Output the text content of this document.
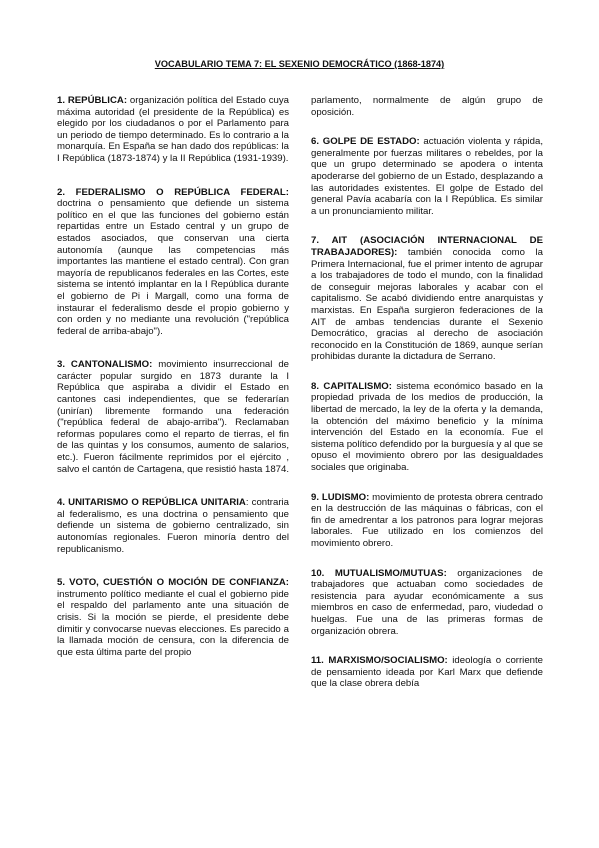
VOCABULARIO TEMA 7: EL SEXENIO DEMOCRÁTICO (1868-1874)

1. REPÚBLICA: organización política del Estado cuya máxima autoridad (el presidente de la República) es elegido por los ciudadanos o por el Parlamento para un periodo de tiempo determinado. Es lo contrario a la monarquía. En España se han dado dos repúblicas: la I República (1873-1874) y la II República (1931-1939).

2. FEDERALISMO O REPÚBLICA FEDERAL: doctrina o pensamiento que defiende un sistema político en el que las funciones del gobierno están repartidas entre un Estado central y un grupo de estados asociados, que conservan una cierta autonomía (aunque las competencias más importantes las mantiene el estado central). Con gran mayoría de republicanos federales en las Cortes, este sistema se intentó implantar en la I República durante el gobierno de Pi i Margall, como una forma de instaurar el federalismo desde el propio gobierno y con orden y no mediante una revolución ("república federal de arriba-abajo").

3. CANTONALISMO: movimiento insurreccional de carácter popular surgido en 1873 durante la I República que aspiraba a dividir el Estado en cantones casi independientes, que se federarían (unirían) libremente formando una federación ("república federal de abajo-arriba"). Reclamaban reformas populares como el reparto de tierras, el fin de las quintas y los consumos, aumento de salarios, etc.). Fueron fácilmente reprimidos por el ejército , salvo el cantón de Cartagena, que resistió hasta 1874.

4. UNITARISMO O REPÚBLICA UNITARIA: contraria al federalismo, es una doctrina o pensamiento que defiende un sistema de gobierno centralizado, sin autonomías regionales. Fueron minoría dentro del republicanismo.

5. VOTO, CUESTIÓN O MOCIÓN DE CONFIANZA: instrumento político mediante el cual el gobierno pide el respaldo del parlamento ante una situación de crisis. Si la moción se pierde, el presidente debe dimitir y convocarse nuevas elecciones. Es parecido a la llamada moción de censura, con la diferencia de que esta última parte del propio

parlamento, normalmente de algún grupo de oposición.

6. GOLPE DE ESTADO: actuación violenta y rápida, generalmente por fuerzas militares o rebeldes, por la que un grupo determinado se apodera o intenta apoderarse del gobierno de un Estado, desplazando a las autoridades existentes. El golpe de Estado del general Pavía acabaría con la I República. Es similar a un pronunciamiento militar.

7. AIT (ASOCIACIÓN INTERNACIONAL DE TRABAJADORES): también conocida como la Primera Internacional, fue el primer intento de agrupar a los trabajadores de todo el mundo, con la finalidad de conseguir mejoras laborales y acabar con el capitalismo. Se acabó dividiendo entre anarquistas y marxistas. En España surgieron federaciones de la AIT de ambas tendencias durante el Sexenio Democrático, gracias al derecho de asociación reconocido en la Constitución de 1869, aunque serían prohibidas durante la dictadura de Serrano.

8. CAPITALISMO: sistema económico basado en la propiedad privada de los medios de producción, la libertad de mercado, la ley de la oferta y la demanda, la obtención del máximo beneficio y la mínima intervención del Estado en la economía. Fue el sistema político defendido por la burguesía y al que se opuso el movimiento obrero por las desigualdades sociales que originaba.

9. LUDISMO: movimiento de protesta obrera centrado en la destrucción de las máquinas o fábricas, con el fin de amedrentar a los patronos para lograr mejoras laborales. Fue utilizado en los comienzos del movimiento obrero.

10. MUTUALISMO/MUTUAS: organizaciones de trabajadores que actuaban como sociedades de resistencia para ayudar económicamente a sus miembros en caso de enfermedad, paro, viudedad o huelgas. Fue una de las primeras formas de organización obrera.

11. MARXISMO/SOCIALISMO: ideología o corriente de pensamiento ideada por Karl Marx que defiende que la clase obrera debía
